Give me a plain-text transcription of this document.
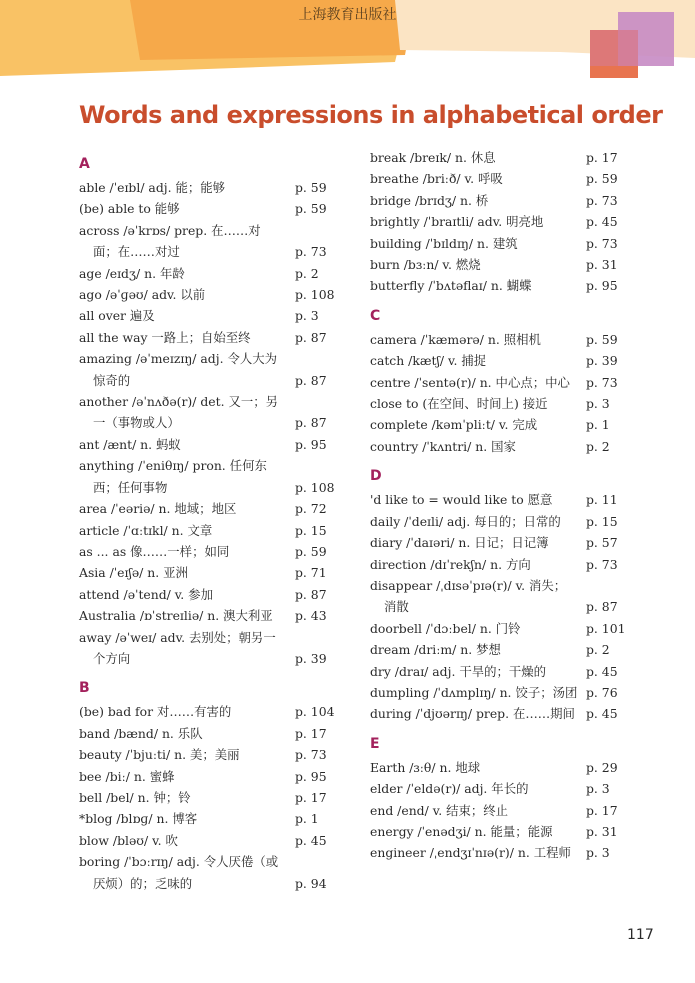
上海教育出版社
Words and expressions in alphabetical order
A
able /ˈeɪbl/ adj. 能；能够	p. 59
(be) able to 能够	p. 59
across /əˈkrɒs/ prep. 在……对面；在……对过	p. 73
age /eɪdʒ/ n. 年龄	p. 2
ago /əˈɡəʊ/ adv. 以前	p. 108
all over 遍及	p. 3
all the way 一路上；自始至终	p. 87
amazing /əˈmeɪzɪŋ/ adj. 令人大为惊奇的	p. 87
another /əˈnʌðə(r)/ det. 又一；另一（事物或人）	p. 87
ant /ænt/ n. 蚂蚁	p. 95
anything /ˈeniθɪŋ/ pron. 任何东西；任何事物	p. 108
area /ˈeəriə/ n. 地域；地区	p. 72
article /ˈɑːtɪkl/ n. 文章	p. 15
as ... as 像……一样；如同	p. 59
Asia /ˈeɪʃə/ n. 亚洲	p. 71
attend /əˈtend/ v. 参加	p. 87
Australia /ɒˈstreɪliə/ n. 澳大利亚	p. 43
away /əˈweɪ/ adv. 去别处；朝另一个方向	p. 39
B
(be) bad for 对……有害的	p. 104
band /bænd/ n. 乐队	p. 17
beauty /ˈbjuːti/ n. 美；美丽	p. 73
bee /biː/ n. 蜜蜂	p. 95
bell /bel/ n. 钟；铃	p. 17
*blog /blɒɡ/ n. 博客	p. 1
blow /bləʊ/ v. 吹	p. 45
boring /ˈbɔːrɪŋ/ adj. 令人厌倦（或厌烦）的；乏味的	p. 94
break /breɪk/ n. 休息	p. 17
breathe /briːð/ v. 呼吸	p. 59
bridge /brɪdʒ/ n. 桥	p. 73
brightly /ˈbraɪtli/ adv. 明亮地	p. 45
building /ˈbɪldɪŋ/ n. 建筑	p. 73
burn /bɜːn/ v. 燃烧	p. 31
butterfly /ˈbʌtəflaɪ/ n. 蝴蝶	p. 95
C
camera /ˈkæmərə/ n. 照相机	p. 59
catch /kætʃ/ v. 捕捉	p. 39
centre /ˈsentə(r)/ n. 中心点；中心	p. 73
close to (在空间、时间上) 接近	p. 3
complete /kəmˈpliːt/ v. 完成	p. 1
country /ˈkʌntri/ n. 国家	p. 2
D
'd like to = would like to 愿意	p. 11
daily /ˈdeɪli/ adj. 每日的；日常的	p. 15
diary /ˈdaɪəri/ n. 日记；日记簿	p. 57
direction /dɪˈrekʃn/ n. 方向	p. 73
disappear /ˌdɪsəˈpɪə(r)/ v. 消失；消散	p. 87
doorbell /ˈdɔːbel/ n. 门铃	p. 101
dream /driːm/ n. 梦想	p. 2
dry /draɪ/ adj. 干旱的；干燥的	p. 45
dumpling /ˈdʌmplɪŋ/ n. 饺子；汤团 p. 76
during /ˈdjʊərɪŋ/ prep. 在……期间 p. 45
E
Earth /ɜːθ/ n. 地球	p. 29
elder /ˈeldə(r)/ adj. 年长的	p. 3
end /end/ v. 结束；终止	p. 17
energy /ˈenədʒi/ n. 能量；能源	p. 31
engineer /ˌendʒɪˈnɪə(r)/ n. 工程师	p. 3
117
